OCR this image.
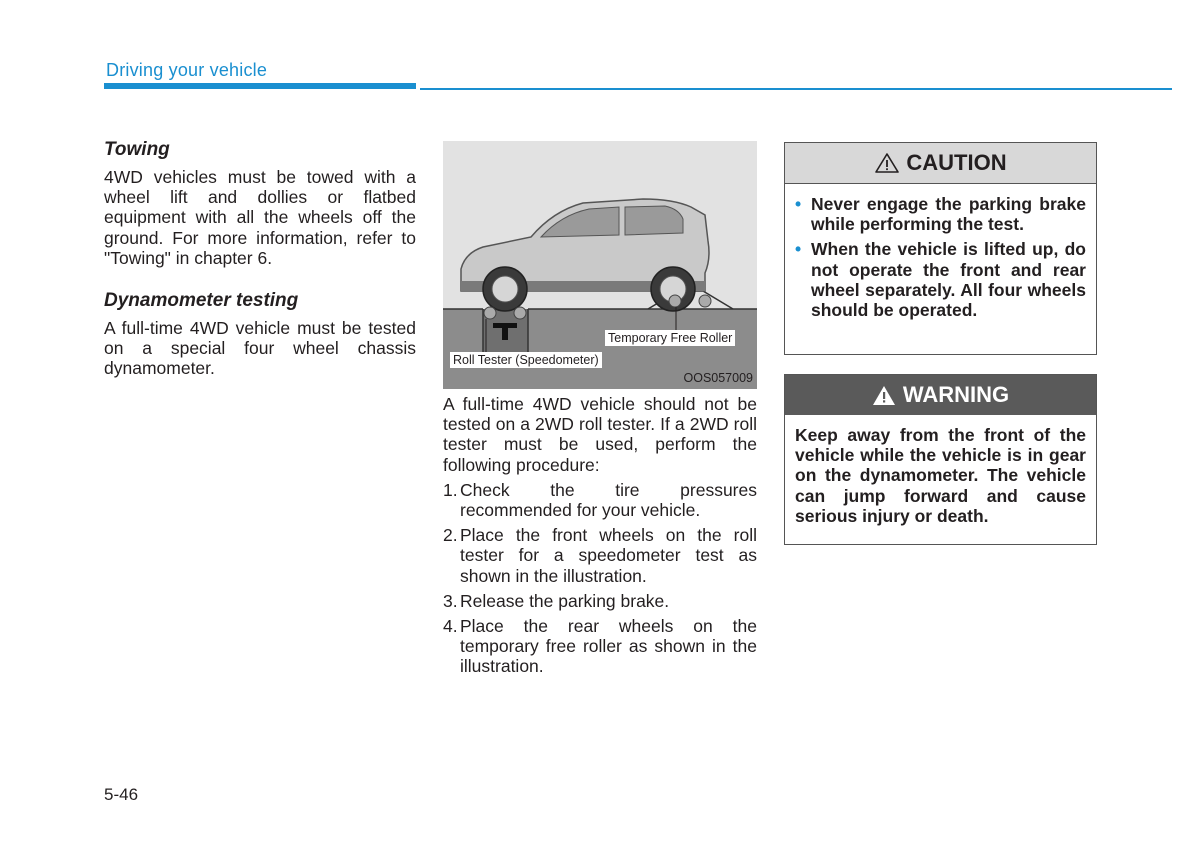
Driving your vehicle
Towing

4WD vehicles must be towed with a wheel lift and dollies or flatbed equipment with all the wheels off the ground. For more information, refer to "Towing" in chapter 6.

Dynamometer testing

A full-time 4WD vehicle must be tested on a special four wheel chassis dynamometer.

Temporary Free Roller
Roll Tester (Speedometer)
OOS057009

A full-time 4WD vehicle should not be tested on a 2WD roll tester. If a 2WD roll tester must be used, perform the following procedure:

1. Check the tire pressures recommended for your vehicle.
2. Place the front wheels on the roll tester for a speedometer test as shown in the illustration.
3. Release the parking brake.
4. Place the rear wheels on the temporary free roller as shown in the illustration.
CAUTION
• Never engage the parking brake while performing the test.
• When the vehicle is lifted up, do not operate the front and rear wheel separately. All four wheels should be operated.
WARNING
Keep away from the front of the vehicle while the vehicle is in gear on the dynamometer. The vehicle can jump forward and cause serious injury or death.
5-46
